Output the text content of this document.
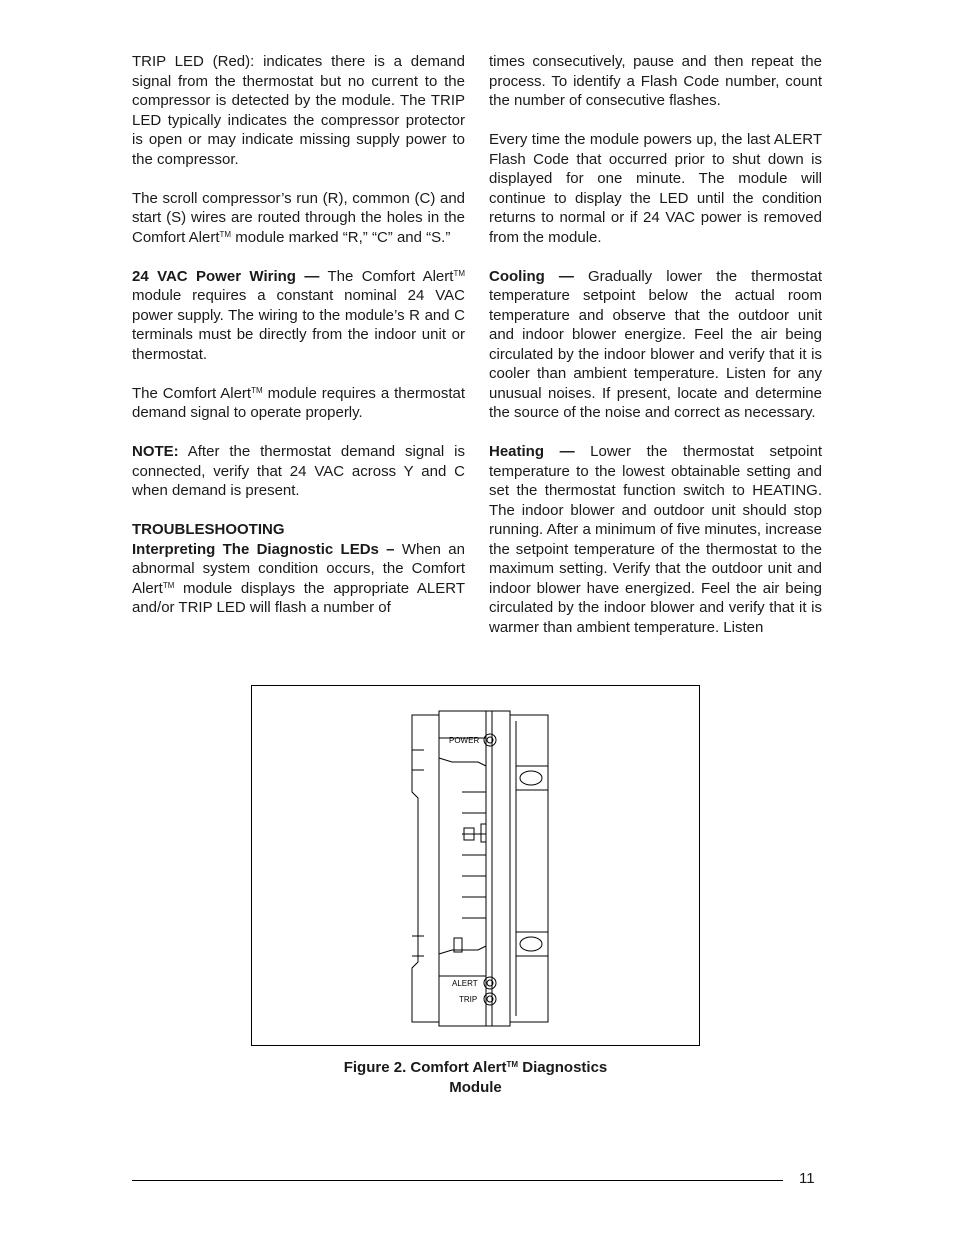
TRIP LED (Red): indicates there is a demand signal from the thermostat but no current to the compressor is detected by the module. The TRIP LED typically indicates the compressor protector is open or may indicate missing supply power to the compressor.

The scroll compressor’s run (R), common (C) and start (S) wires are routed through the holes in the Comfort Alert™ module marked “R,” “C” and “S.”

24 VAC Power Wiring — The Comfort Alert™ module requires a constant nominal 24 VAC power supply. The wiring to the module’s R and C terminals must be directly from the indoor unit or thermostat.

The Comfort Alert™ module requires a thermostat demand signal to operate properly.

NOTE: After the thermostat demand signal is connected, verify that 24 VAC across Y and C when demand is present.

TROUBLESHOOTING

Interpreting The Diagnostic LEDs – When an abnormal system condition occurs, the Comfort Alert™ module displays the appropriate ALERT and/or TRIP LED will flash a number of

times consecutively, pause and then repeat the process. To identify a Flash Code number, count the number of consecutive flashes.

Every time the module powers up, the last ALERT Flash Code that occurred prior to shut down is displayed for one minute. The module will continue to display the LED until the condition returns to normal or if 24 VAC power is removed from the module.

Cooling — Gradually lower the thermostat temperature setpoint below the actual room temperature and observe that the outdoor unit and indoor blower energize. Feel the air being circulated by the indoor blower and verify that it is cooler than ambient temperature. Listen for any unusual noises. If present, locate and determine the source of the noise and correct as necessary.

Heating — Lower the thermostat setpoint temperature to the lowest obtainable setting and set the thermostat function switch to HEATING. The indoor blower and outdoor unit should stop running. After a minimum of five minutes, increase the setpoint temperature of the thermostat to the maximum setting. Verify that the outdoor unit and indoor blower have energized. Feel the air being circulated by the indoor blower and verify that it is warmer than ambient temperature. Listen

POWER
ALERT
TRIP
Figure 2. Comfort Alert™ Diagnostics
Module
11
